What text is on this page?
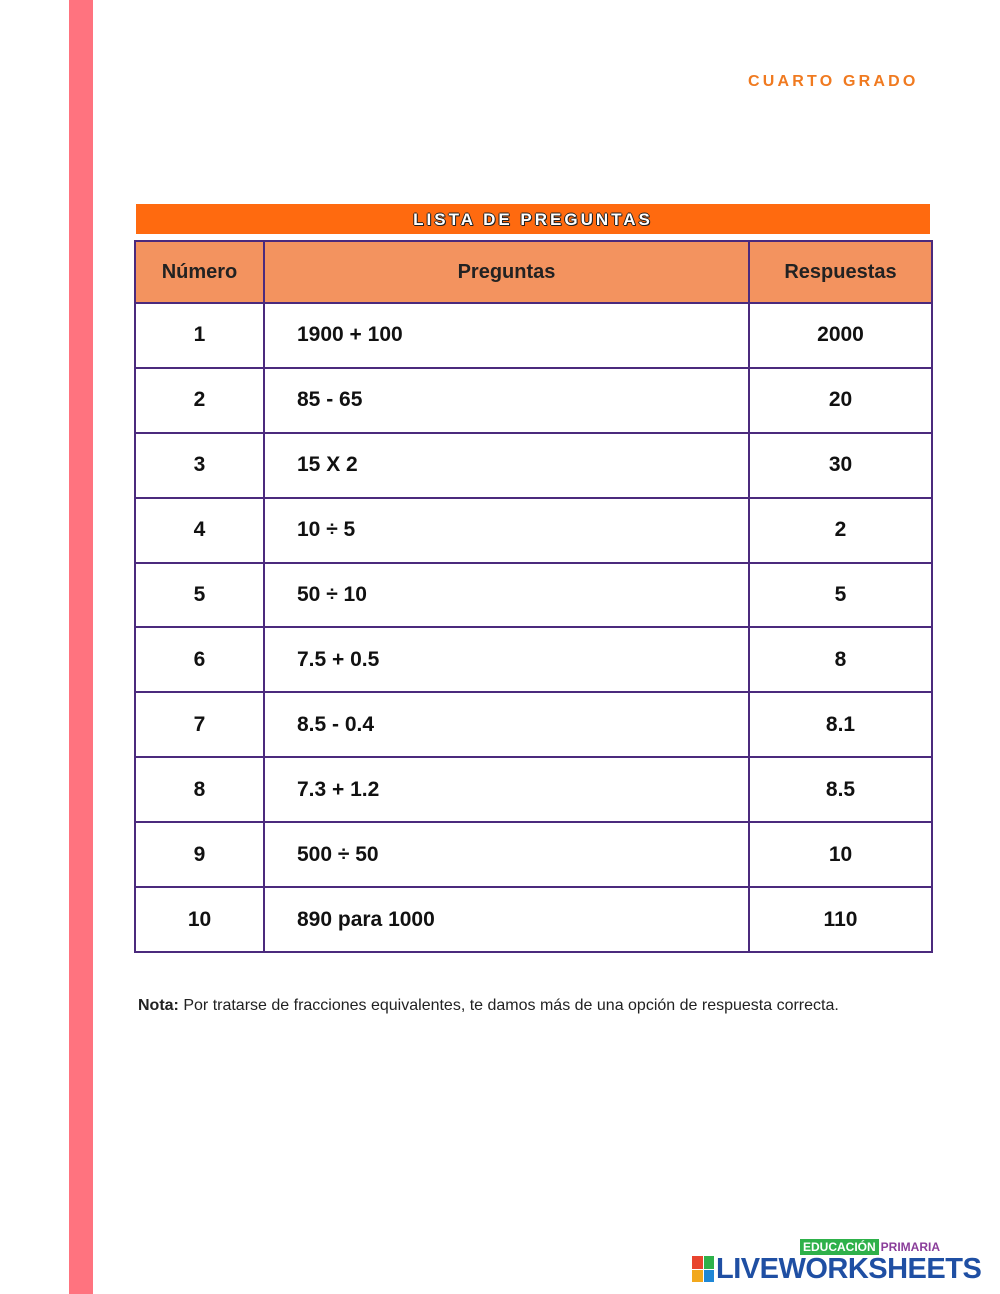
CUARTO GRADO
LISTA DE PREGUNTAS
Número	Preguntas	Respuestas
1	1900 + 100	2000
2	85 - 65	20
3	15 X 2	30
4	10 ÷ 5	2
5	50 ÷ 10	5
6	7.5 + 0.5	8
7	8.5 - 0.4	8.1
8	7.3 + 1.2	8.5
9	500 ÷ 50	10
10	890 para 1000	110
Nota: Por tratarse de fracciones equivalentes, te damos más de una opción de respuesta correcta.
EDUCACIÓN PRIMARIA
LIVEWORKSHEETS
